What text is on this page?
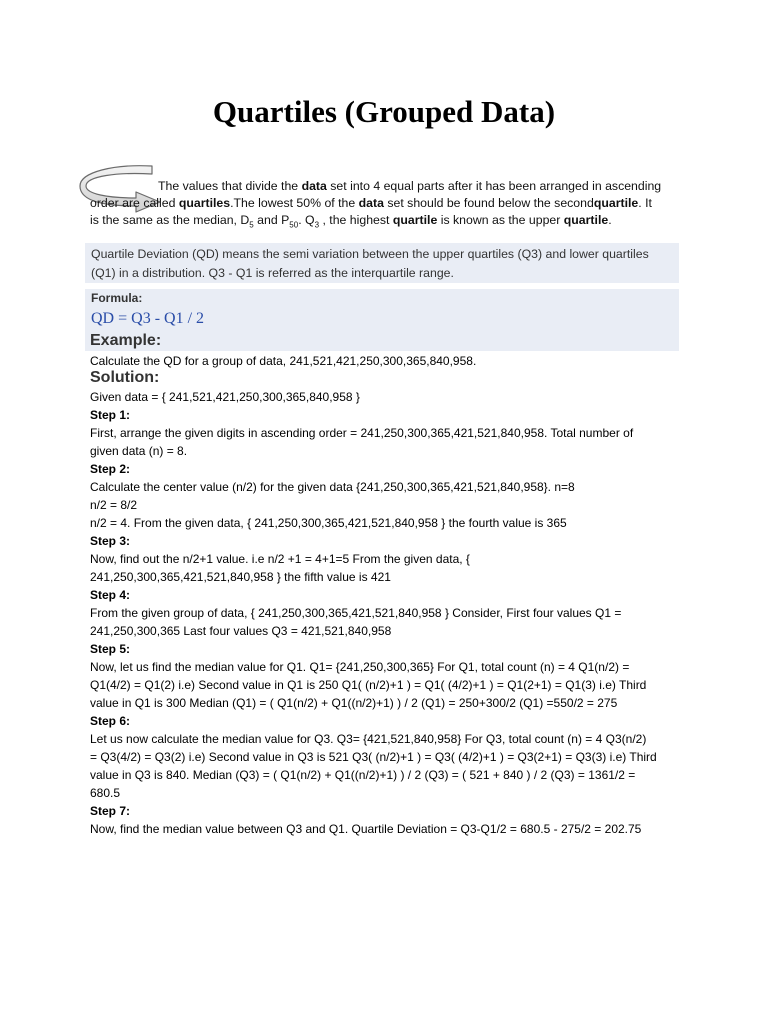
Quartiles (Grouped Data)
The values that divide the data set into 4 equal parts after it has been arranged in ascending
order are called quartiles.The lowest 50% of the data set should be found below the secondquartile. It
is the same as the median, $D_5$ and $P_{50}$. $Q_3$ , the highest quartile is known as the upper quartile.
Quartile Deviation (QD) means the semi variation between the upper quartiles (Q3) and lower quartiles
(Q1) in a distribution. Q3 - Q1 is referred as the interquartile range.
Formula:
QD = Q3 - Q1 / 2
Example:
Calculate the QD for a group of data, 241,521,421,250,300,365,840,958.
Solution:
Given data = { 241,521,421,250,300,365,840,958 }
Step 1:
First, arrange the given digits in ascending order = 241,250,300,365,421,521,840,958. Total number of
given data (n) = 8.
Step 2:
Calculate the center value (n/2) for the given data {241,250,300,365,421,521,840,958}. n=8
n/2 = 8/2
n/2 = 4. From the given data, { 241,250,300,365,421,521,840,958 } the fourth value is 365
Step 3:
Now, find out the n/2+1 value. i.e n/2 +1 = 4+1=5 From the given data, {
241,250,300,365,421,521,840,958 } the fifth value is 421
Step 4:
From the given group of data, { 241,250,300,365,421,521,840,958 } Consider, First four values Q1 =
241,250,300,365 Last four values Q3 = 421,521,840,958
Step 5:
Now, let us find the median value for Q1. Q1= {241,250,300,365} For Q1, total count (n) = 4 Q1(n/2) =
Q1(4/2) = Q1(2) i.e) Second value in Q1 is 250 Q1( (n/2)+1 ) = Q1( (4/2)+1 ) = Q1(2+1) = Q1(3) i.e) Third
value in Q1 is 300 Median (Q1) = ( Q1(n/2) + Q1((n/2)+1) ) / 2 (Q1) = 250+300/2 (Q1) =550/2 = 275
Step 6:
Let us now calculate the median value for Q3. Q3= {421,521,840,958} For Q3, total count (n) = 4 Q3(n/2)
= Q3(4/2) = Q3(2) i.e) Second value in Q3 is 521 Q3( (n/2)+1 ) = Q3( (4/2)+1 ) = Q3(2+1) = Q3(3) i.e) Third
value in Q3 is 840. Median (Q3) = ( Q1(n/2) + Q1((n/2)+1) ) / 2 (Q3) = ( 521 + 840 ) / 2 (Q3) = 1361/2 =
680.5
Step 7:
Now, find the median value between Q3 and Q1. Quartile Deviation = Q3-Q1/2 = 680.5 - 275/2 = 202.75
